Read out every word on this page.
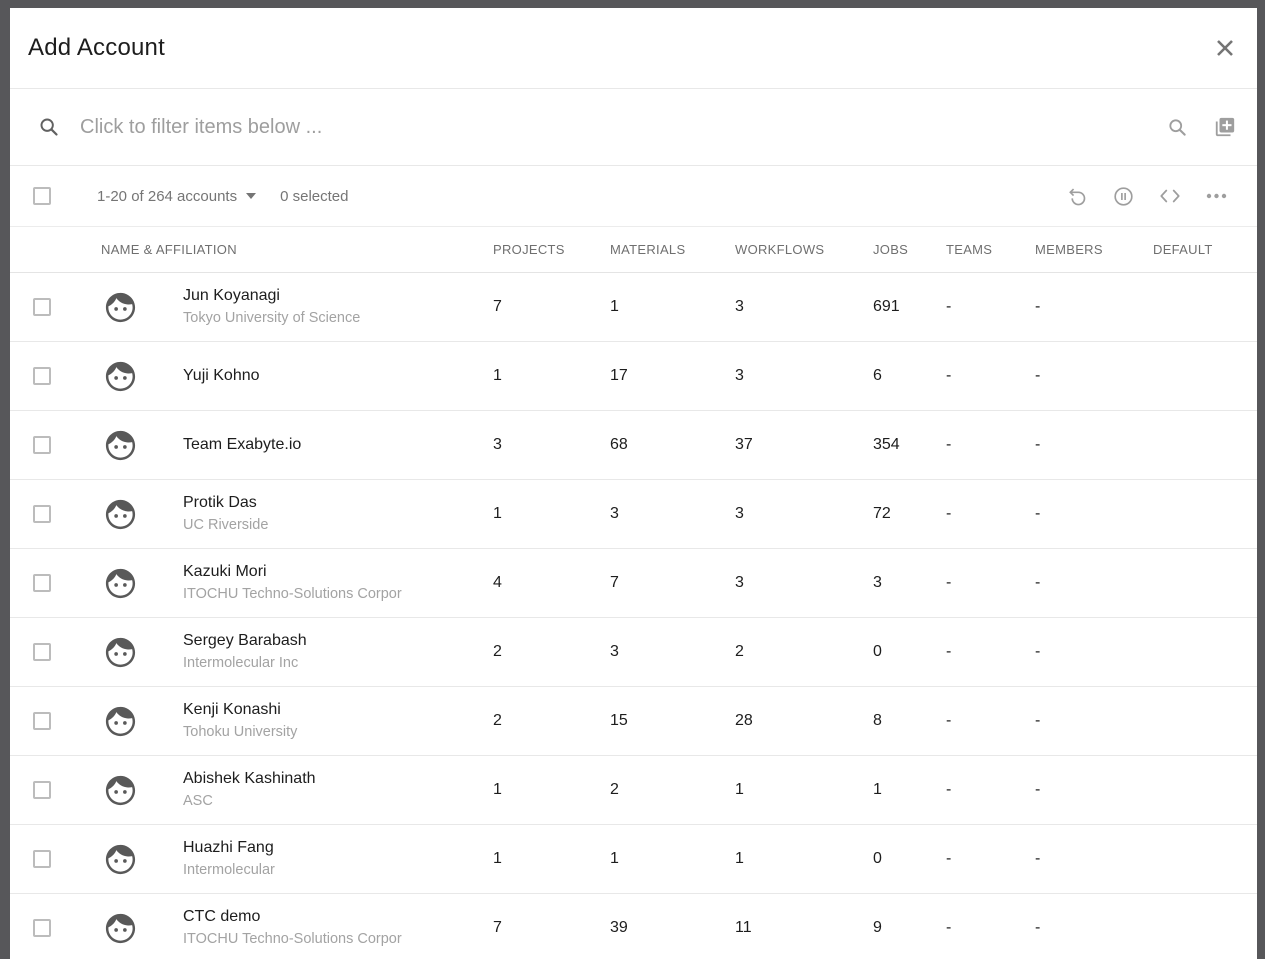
Add Account
Click to filter items below ...
1-20 of 264 accounts	0 selected
NAME & AFFILIATION	PROJECTS	MATERIALS	WORKFLOWS	JOBS	TEAMS	MEMBERS	DEFAULT
Jun Koyanagi
Tokyo University of Science
7	1	3	691	-	-
Yuji Kohno	1	17	3	6	-	-
Team Exabyte.io	3	68	37	354	-	-
Protik Das
UC Riverside
1	3	3	72	-	-
Kazuki Mori
ITOCHU Techno-Solutions Corpor
4	7	3	3	-	-
Sergey Barabash
Intermolecular Inc
2	3	2	0	-	-
Kenji Konashi
Tohoku University
2	15	28	8	-	-
Abishek Kashinath
ASC
1	2	1	1	-	-
Huazhi Fang
Intermolecular
1	1	1	0	-	-
CTC demo
ITOCHU Techno-Solutions Corpor
7	39	11	9	-	-
